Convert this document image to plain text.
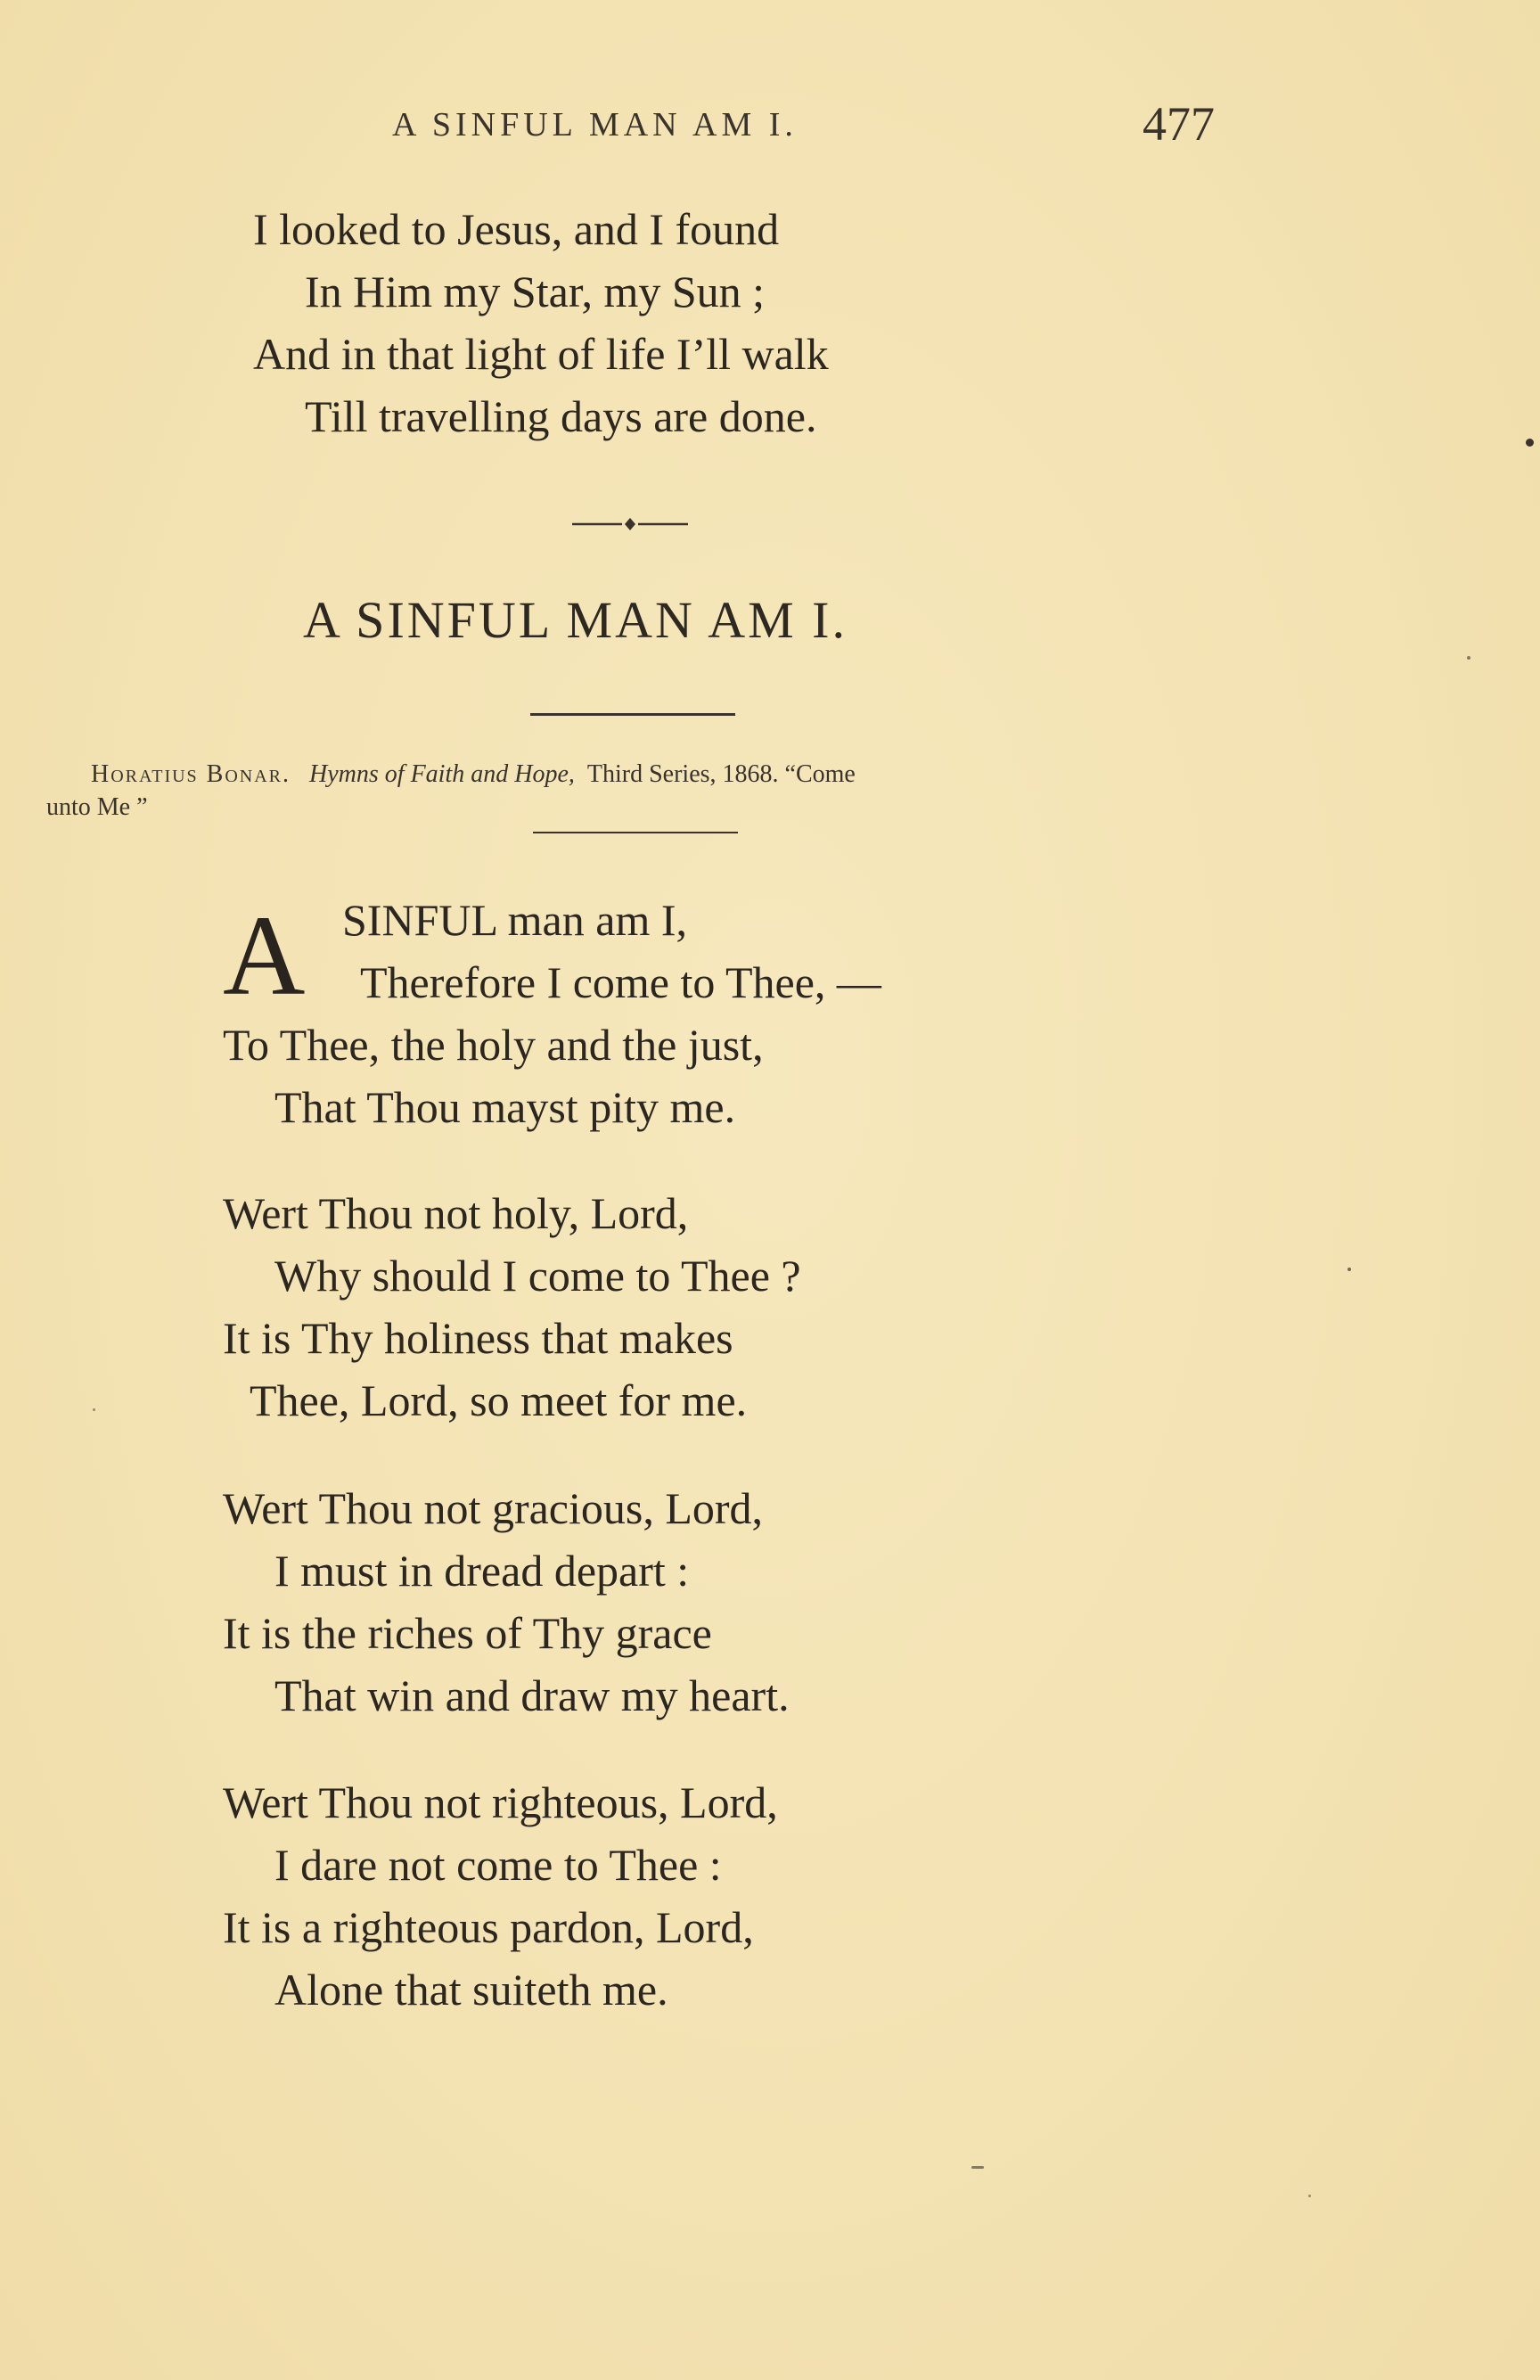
A SINFUL MAN AM I.	477
I looked to Jesus, and I found
In Him my Star, my Sun ;
And in that light of life I’ll walk
Till travelling days are done.
A SINFUL MAN AM I.
Horatius Bonar. Hymns of Faith and Hope, Third Series, 1868. “Come
unto Me ”
A SINFUL man am I,
Therefore I come to Thee, —
To Thee, the holy and the just,
That Thou mayst pity me.
Wert Thou not holy, Lord,
Why should I come to Thee ?
It is Thy holiness that makes
Thee, Lord, so meet for me.
Wert Thou not gracious, Lord,
I must in dread depart :
It is the riches of Thy grace
That win and draw my heart.
Wert Thou not righteous, Lord,
I dare not come to Thee :
It is a righteous pardon, Lord,
Alone that suiteth me.
